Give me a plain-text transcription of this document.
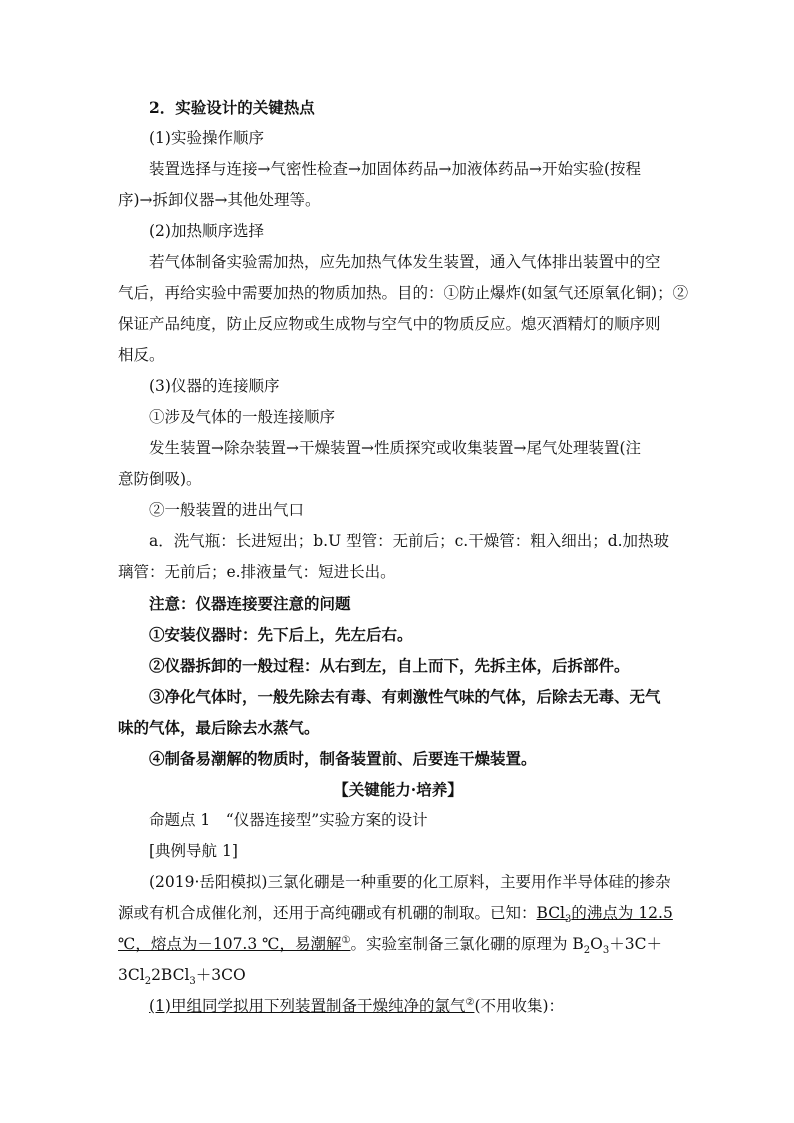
2．实验设计的关键热点
(1)实验操作顺序
装置选择与连接→气密性检查→加固体药品→加液体药品→开始实验(按程
序)→拆卸仪器→其他处理等。
(2)加热顺序选择
若气体制备实验需加热，应先加热气体发生装置，通入气体排出装置中的空
气后，再给实验中需要加热的物质加热。目的：①防止爆炸(如氢气还原氧化铜)；②
保证产品纯度，防止反应物或生成物与空气中的物质反应。熄灭酒精灯的顺序则
相反。
(3)仪器的连接顺序
①涉及气体的一般连接顺序
发生装置→除杂装置→干燥装置→性质探究或收集装置→尾气处理装置(注
意防倒吸)。
②一般装置的进出气口
a．洗气瓶：长进短出；b.U 型管：无前后；c.干燥管：粗入细出；d.加热玻
璃管：无前后；e.排液量气：短进长出。
注意：仪器连接要注意的问题
①安装仪器时：先下后上，先左后右。
②仪器拆卸的一般过程：从右到左，自上而下，先拆主体，后拆部件。
③净化气体时，一般先除去有毒、有刺激性气味的气体，后除去无毒、无气
味的气体，最后除去水蒸气。
④制备易潮解的物质时，制备装置前、后要连干燥装置。
【关键能力·培养】
命题点 1　“仪器连接型”实验方案的设计
[典例导航 1]
(2019·岳阳模拟)三氯化硼是一种重要的化工原料，主要用作半导体硅的掺杂
源或有机合成催化剂，还用于高纯硼或有机硼的制取。已知：BCl$_3$的沸点为 12.5
℃，熔点为－107.3 ℃，易潮解①。实验室制备三氯化硼的原理为 $B_2O_3+3C+$
$3Cl_22BCl_3+3CO$
(1)甲组同学拟用下列装置制备干燥纯净的氯气②(不用收集)：
